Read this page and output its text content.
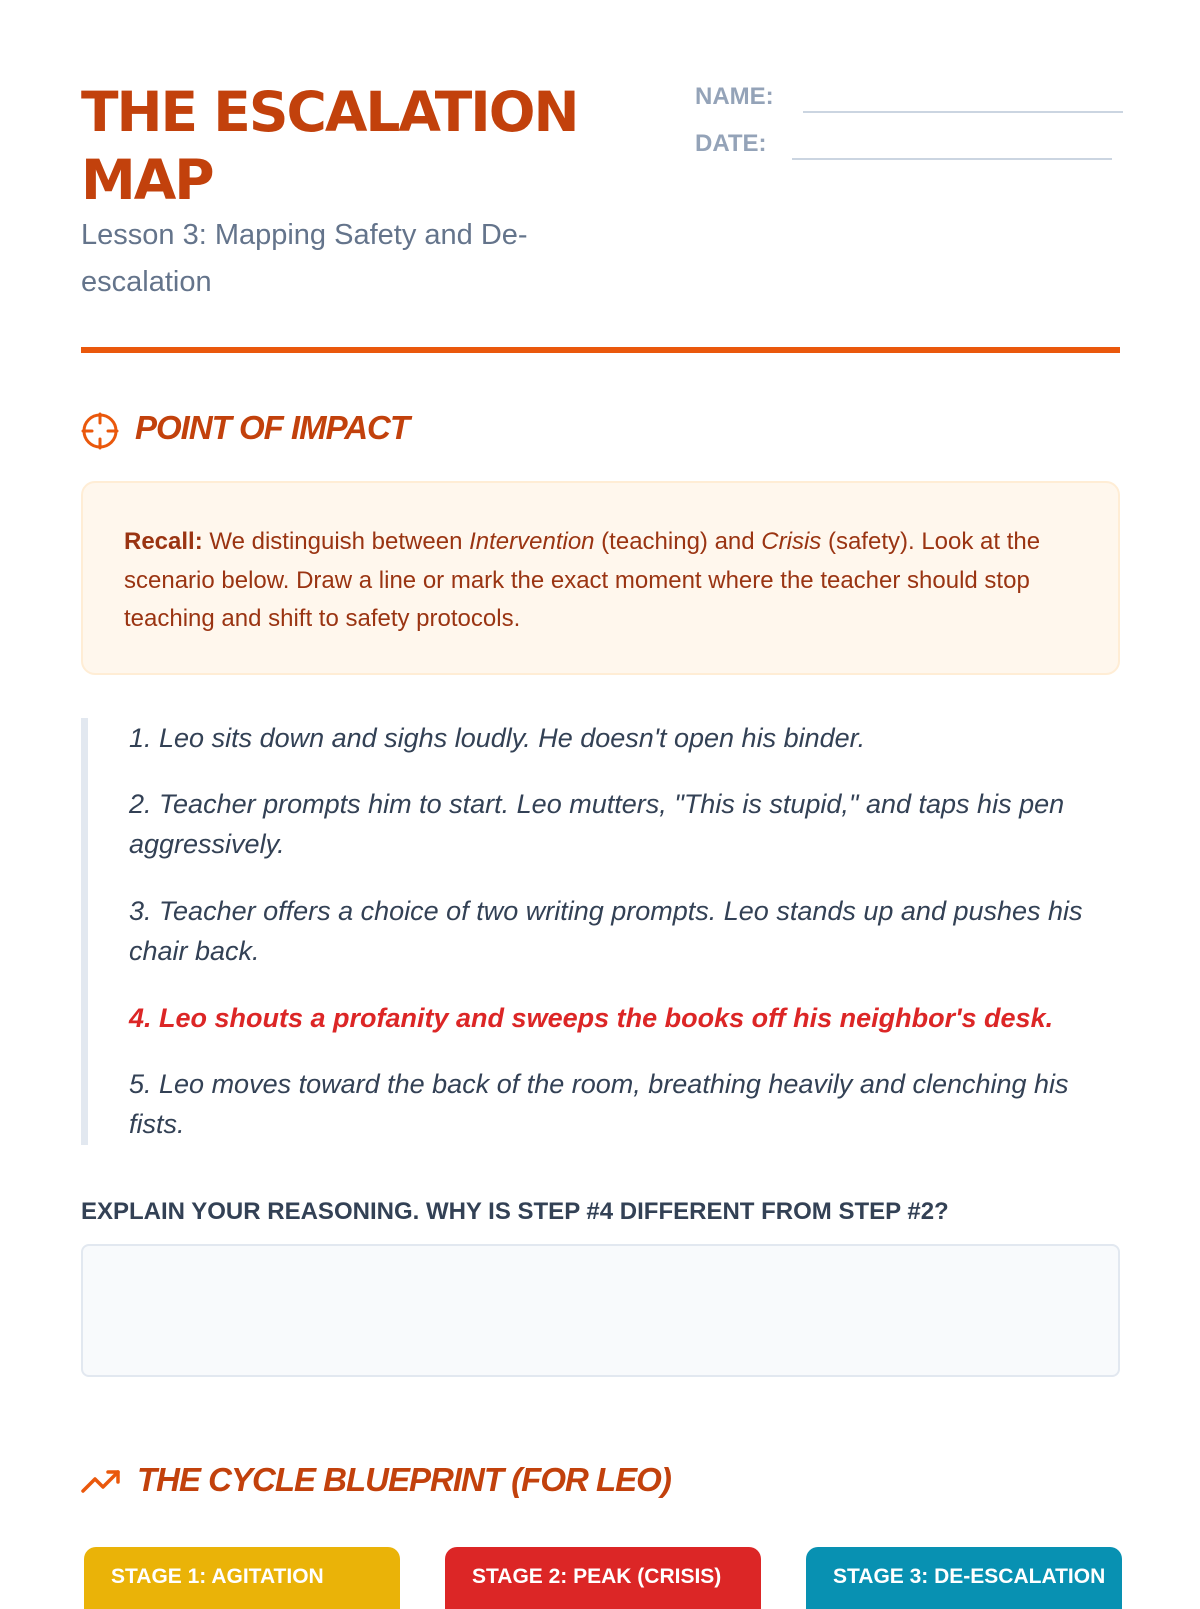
THE ESCALATION MAP

Lesson 3: Mapping Safety and De-escalation

NAME:
DATE:
POINT OF IMPACT
Recall: We distinguish between Intervention (teaching) and Crisis (safety). Look at the scenario below. Draw a line or mark the exact moment where the teacher should stop teaching and shift to safety protocols.

1. Leo sits down and sighs loudly. He doesn't open his binder.

2. Teacher prompts him to start. Leo mutters, "This is stupid," and taps his pen aggressively.

3. Teacher offers a choice of two writing prompts. Leo stands up and pushes his chair back.

4. Leo shouts a profanity and sweeps the books off his neighbor's desk.

5. Leo moves toward the back of the room, breathing heavily and clenching his fists.

EXPLAIN YOUR REASONING. WHY IS STEP #4 DIFFERENT FROM STEP #2?

THE CYCLE BLUEPRINT (FOR LEO)
STAGE 1: AGITATION	STAGE 2: PEAK (CRISIS)	STAGE 3: DE-ESCALATION
